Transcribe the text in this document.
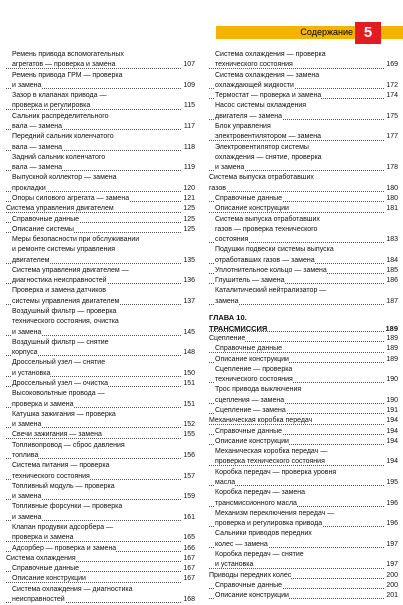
Содержание 5
Ремень привода вспомогательных
агрегатов — проверка и замена	107
Ремень привода ГРМ — проверка
и замена	109
Зазор в клапанах привода —
проверка и регулировка	115
Сальник распределительного
вала — замена	117
Передний сальник коленчатого
вала — замена	118
Задний сальник коленчатого
вала — замена	119
Выпускной коллектор — замена
прокладки	120
Опоры силового агрегата — замена	121
Система управления двигателем	125
Справочные данные	125
Описание системы	125
Меры безопасности при обслуживании
и ремонте системы управления
двигателем	135
Система управления двигателем —
диагностика неисправностей	136
Проверка и замена датчиков
системы управления двигателем	137
Воздушный фильтр — проверка
технического состояния, очистка
и замена	145
Воздушный фильтр — снятие
корпуса	148
Дроссельный узел — снятие
и установка	150
Дроссельный узел — очистка	151
Высоковольтные провода —
проверка и замена	151
Катушка зажигания — проверка
и замена	152
Свечи зажигания — замена	155
Топливопровод — сброс давления
топлива	156
Система питания — проверка
технического состояния	157
Топливный модуль — проверка
и замена	159
Топливные форсунки — проверка
и замена	161
Клапан продувки адсорбера —
проверка и замена	165
Адсорбер — проверка и замена	166
Система охлаждения	167
Справочные данные	167
Описание конструкции	167
Система охлаждения — диагностика
неисправностей	168
Система охлаждения — проверка
технического состояния	169
Система охлаждения — замена
охлаждающей жидкости	172
Термостат — проверка и замена	174
Насос системы охлаждения
двигателя — замена	175
Блок управления
электровентилятором — замена	177
Электровентилятор системы
охлаждения — снятие, проверка
и замена	178
Система выпуска отработавших
газов	180
Справочные данные	180
Описание конструкции	181
Система выпуска отработавших
газов — проверка технического
состояния	183
Подушки подвески системы выпуска
отработавших газов — замена	184
Уплотнительное кольцо — замена	185
Глушитель — замена	186
Каталитический нейтрализатор —
замена	187
ГЛАВА 10.
ТРАНСМИССИЯ	189
Сцепление	189
Справочные данные	189
Описание конструкции	189
Сцепление — проверка
технического состояния	190
Трос привода выключения
сцепления — замена	190
Сцепление — замена	191
Механическая коробка передач	194
Справочные данные	194
Описание конструкции	194
Механическая коробка передач —
проверка технического состояния	194
Коробка передач — проверка уровня
масла	195
Коробка передач — замена
трансмиссионного масла	196
Механизм переключения передач —
проверка и регулировка привода	196
Сальники приводов передних
колес — замена	197
Коробка передач — снятие
и установка	197
Приводы передних колес	200
Справочные данные	200
Описание конструкции	201
